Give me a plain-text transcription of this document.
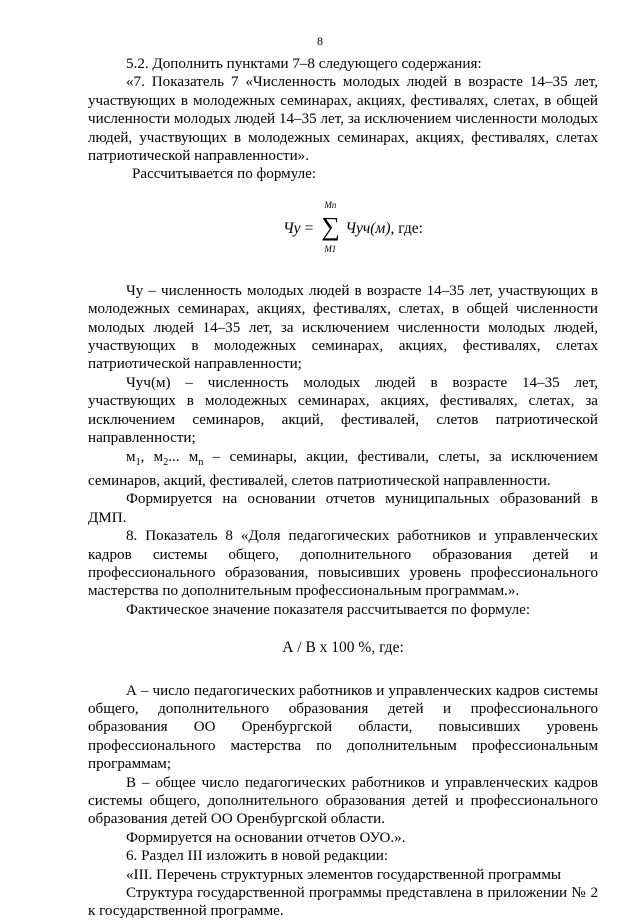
8

5.2. Дополнить пунктами 7–8 следующего содержания:

«7. Показатель 7 «Численность молодых людей в возрасте 14–35 лет, участвующих в молодежных семинарах, акциях, фестивалях, слетах, в общей численности молодых людей 14–35 лет, за исключением численности молодых людей, участвующих в молодежных семинарах, акциях, фестивалях, слетах патриотической направленности».

Рассчитывается по формуле:

Чу =
Мn
∑
М1
Чуч(м) , где:

Чу – численность молодых людей в возрасте 14–35 лет, участвующих в молодежных семинарах, акциях, фестивалях, слетах, в общей численности молодых людей 14–35 лет, за исключением численности молодых людей, участвующих в молодежных семинарах, акциях, фестивалях, слетах патриотической направленности;

Чуч(м) – численность молодых людей в возрасте 14–35 лет, участвующих в молодежных семинарах, акциях, фестивалях, слетах, за исключением семинаров, акций, фестивалей, слетов патриотической направленности;

$м_1$, $м_2$... $м_n$ – семинары, акции, фестивали, слеты, за исключением семинаров, акций, фестивалей, слетов патриотической направленности.

Формируется на основании отчетов муниципальных образований в ДМП.

8. Показатель 8 «Доля педагогических работников и управленческих кадров системы общего, дополнительного образования детей и профессионального образования, повысивших уровень профессионального мастерства по дополнительным профессиональным программам.».

Фактическое значение показателя рассчитывается по формуле:

А / В х 100 %, где:

А – число педагогических работников и управленческих кадров системы общего, дополнительного образования детей и профессионального образования ОО Оренбургской области, повысивших уровень профессионального мастерства по дополнительным профессиональным программам;

В – общее число педагогических работников и управленческих кадров системы общего, дополнительного образования детей и профессионального образования детей ОО Оренбургской области.

Формируется на основании отчетов ОУО.».

6. Раздел III изложить в новой редакции:

«III. Перечень структурных элементов государственной программы

Структура государственной программы представлена в приложении № 2 к государственной программе.
